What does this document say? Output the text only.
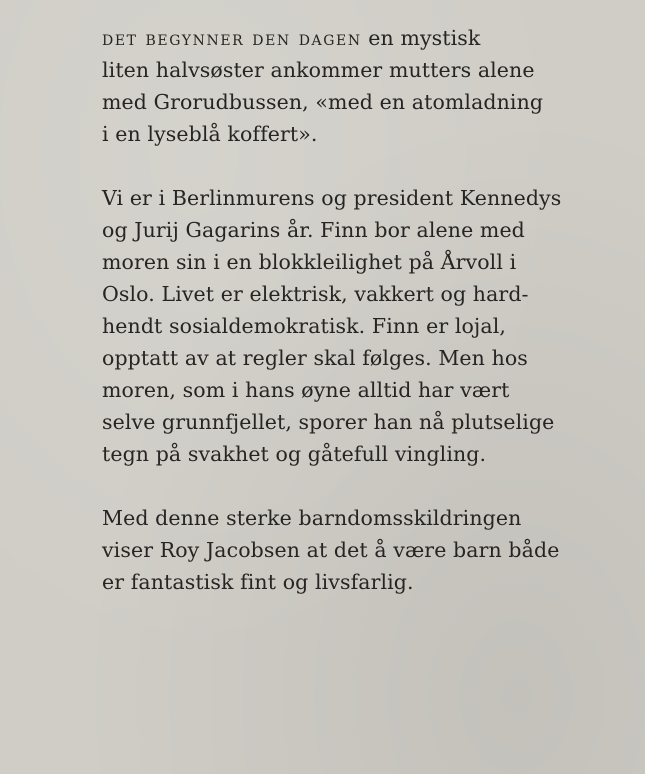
det begynner den dagen en mystisk
liten halvsøster ankommer mutters alene
med Grorudbussen, «med en atomladning
i en lyseblå koffert».

Vi er i Berlinmurens og president Kennedys
og Jurij Gagarins år. Finn bor alene med
moren sin i en blokkleilighet på Årvoll i
Oslo. Livet er elektrisk, vakkert og hard-
hendt sosialdemokratisk. Finn er lojal,
opptatt av at regler skal følges. Men hos
moren, som i hans øyne alltid har vært
selve grunnfjellet, sporer han nå plutselige
tegn på svakhet og gåtefull vingling.

Med denne sterke barndomsskildringen
viser Roy Jacobsen at det å være barn både
er fantastisk fint og livsfarlig.
